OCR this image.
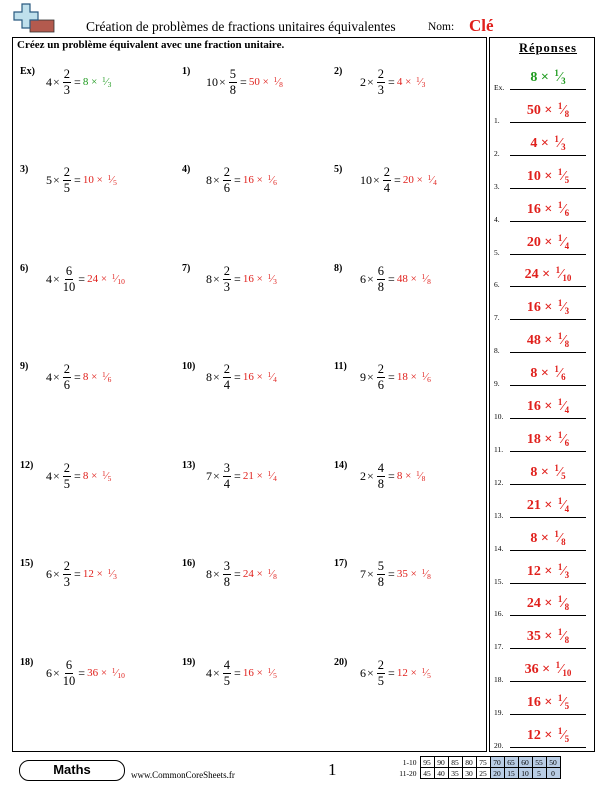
Création de problèmes de fractions unitaires équivalentes	Nom: Clé
Créez un problème équivalent avec une fraction unitaire.
Ex)
$4 \times \frac{2}{3} = 8$ × $^1⁄_3$
1)
$10 \times \frac{5}{8} = 50$ × $^1⁄_8$
2)
$2 \times \frac{2}{3} = 4$ × $^1⁄_3$
3)
$5 \times \frac{2}{5} = 10$ × $^1⁄_5$
4)
$8 \times \frac{2}{6} = 16$ × $^1⁄_6$
5)
$10 \times \frac{2}{4} = 20$ × $^1⁄_4$
6)
$4 \times \frac{6}{10} = 24$ × $^1⁄_{10}$
7)
$8 \times \frac{2}{3} = 16$ × $^1⁄_3$
8)
$6 \times \frac{6}{8} = 48$ × $^1⁄_8$
9)
$4 \times \frac{2}{6} = 8$ × $^1⁄_6$
10)
$8 \times \frac{2}{4} = 16$ × $^1⁄_4$
11)
$9 \times \frac{2}{6} = 18$ × $^1⁄_6$
12)
$4 \times \frac{2}{5} = 8$ × $^1⁄_5$
13)
$7 \times \frac{3}{4} = 21$ × $^1⁄_4$
14)
$2 \times \frac{4}{8} = 8$ × $^1⁄_8$
15)
$6 \times \frac{2}{3} = 12$ × $^1⁄_3$
16)
$8 \times \frac{3}{8} = 24$ × $^1⁄_8$
17)
$7 \times \frac{5}{8} = 35$ × $^1⁄_8$
18)
$6 \times \frac{6}{10} = 36$ × $^1⁄_{10}$
19)
$4 \times \frac{4}{5} = 16$ × $^1⁄_5$
20)
$6 \times \frac{2}{5} = 12$ × $^1⁄_5$
Réponses
Ex.
$8 \times ^1⁄_3$
1.
$50 \times ^1⁄_8$
2.
$4 \times ^1⁄_3$
3.
$10 \times ^1⁄_5$
4.
$16 \times ^1⁄_6$
5.
$20 \times ^1⁄_4$
6.
$24 \times ^1⁄_{10}$
7.
$16 \times ^1⁄_3$
8.
$48 \times ^1⁄_8$
9.
$8 \times ^1⁄_6$
10.
$16 \times ^1⁄_4$
11.
$18 \times ^1⁄_6$
12.
$8 \times ^1⁄_5$
13.
$21 \times ^1⁄_4$
14.
$8 \times ^1⁄_8$
15.
$12 \times ^1⁄_3$
16.
$24 \times ^1⁄_8$
17.
$35 \times ^1⁄_8$
18.
$36 \times ^1⁄_{10}$
19.
$16 \times ^1⁄_5$
20.
$12 \times ^1⁄_5$
Maths	www.CommonCoreSheets.fr	1	1-10	95	90	85	80	75	70	65	60	55	50
11-20	45	40	35	30	25	20	15	10	5	0
